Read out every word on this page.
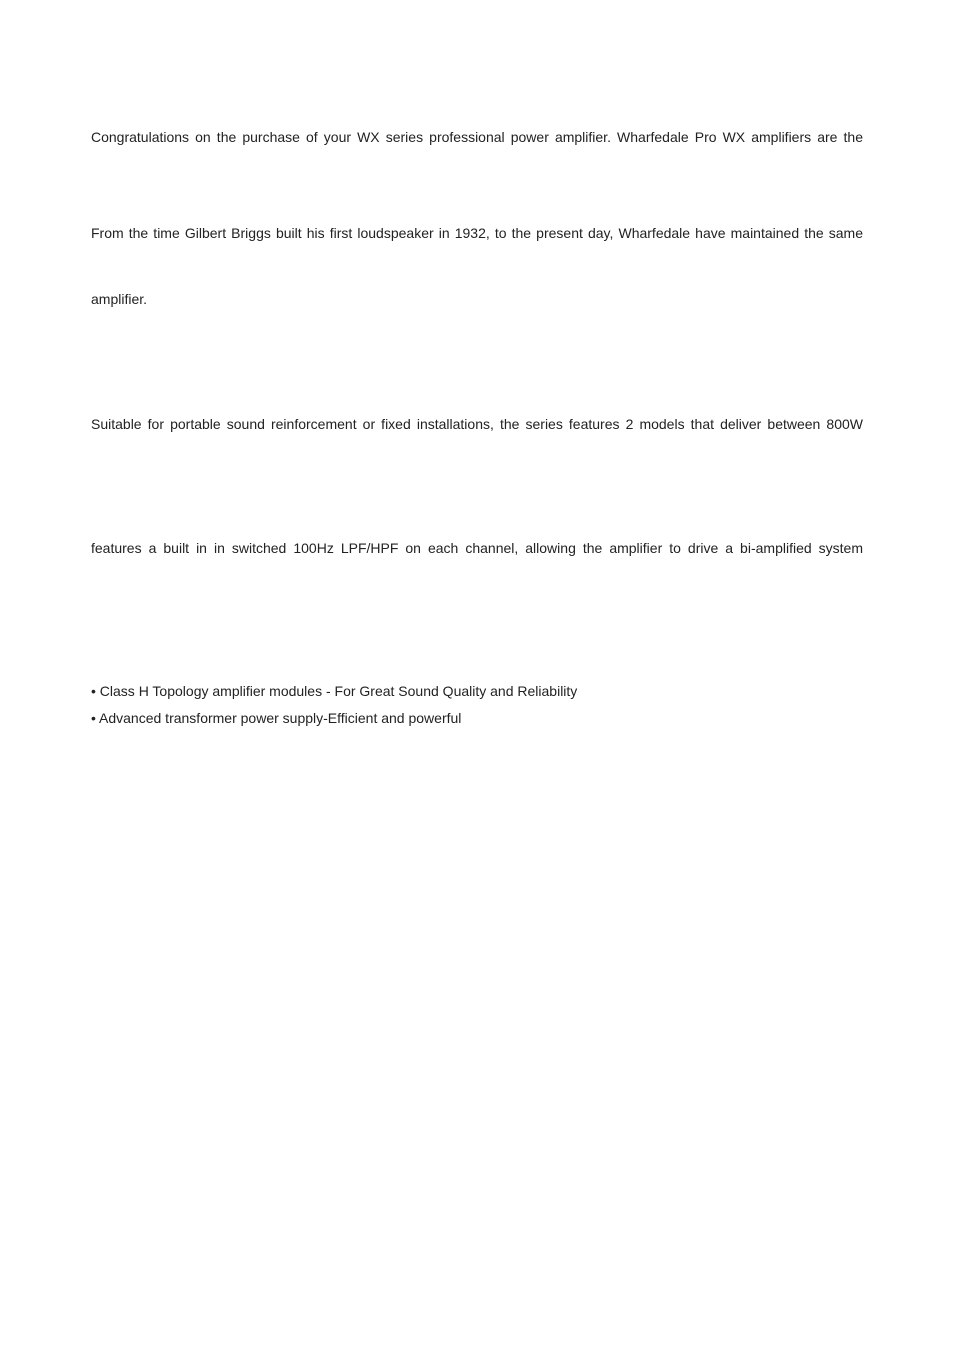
Congratulations on the purchase of your WX series professional power amplifier. Wharfedale Pro WX amplifiers are the
From the time Gilbert Briggs built his first loudspeaker in 1932, to the present day, Wharfedale have maintained the same
amplifier.
Suitable for portable sound reinforcement or fixed installations, the series features 2 models that deliver between 800W
features a built in in switched 100Hz LPF/HPF on each channel, allowing the amplifier to drive a bi-amplified system
• Class H Topology amplifier modules - For Great Sound Quality and Reliability
• Advanced transformer power supply-Efficient and powerful
